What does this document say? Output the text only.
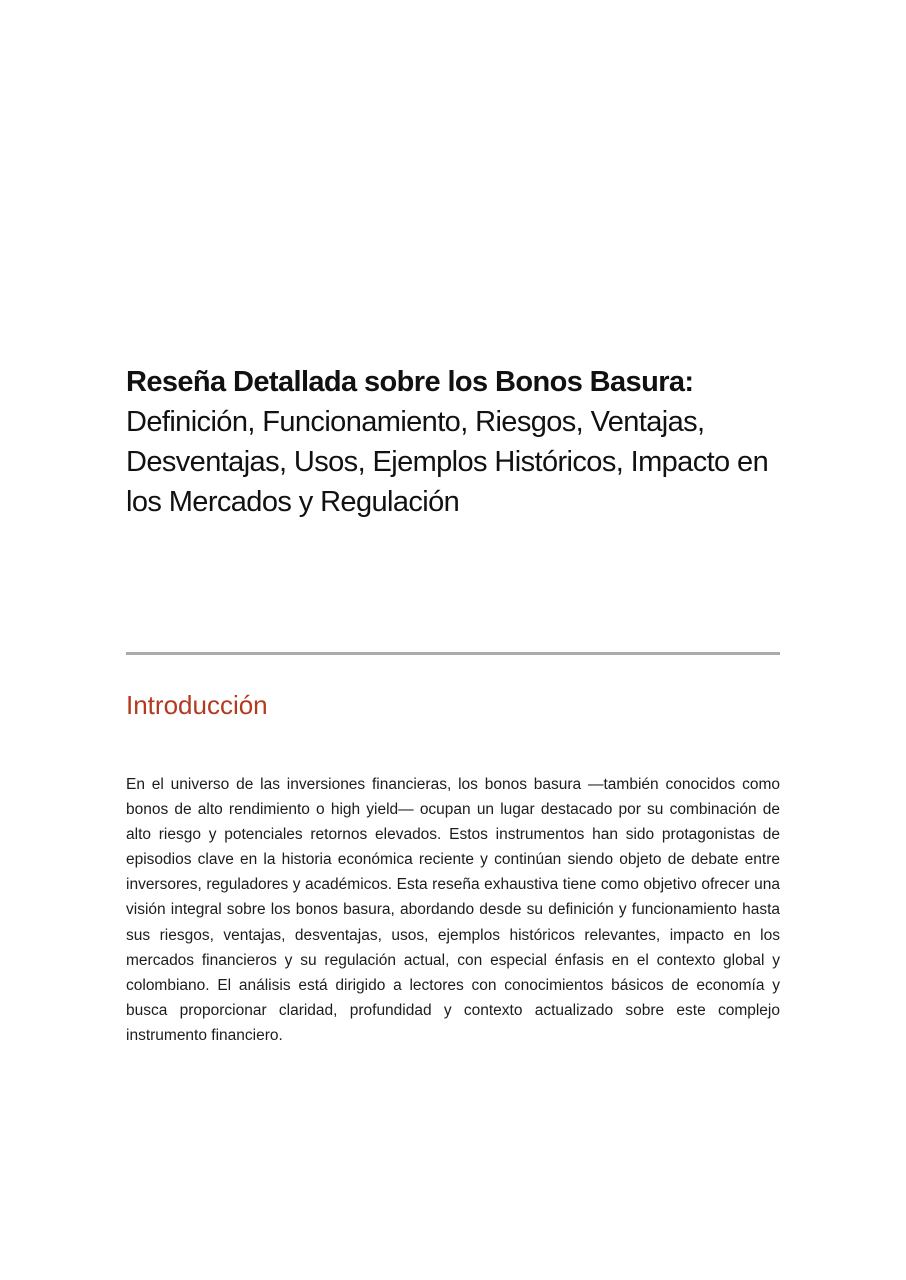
Reseña Detallada sobre los Bonos Basura:
Definición, Funcionamiento, Riesgos, Ventajas, Desventajas, Usos, Ejemplos Históricos, Impacto en los Mercados y Regulación
Introducción

En el universo de las inversiones financieras, los bonos basura —también conocidos como bonos de alto rendimiento o high yield— ocupan un lugar destacado por su combinación de alto riesgo y potenciales retornos elevados. Estos instrumentos han sido protagonistas de episodios clave en la historia económica reciente y continúan siendo objeto de debate entre inversores, reguladores y académicos. Esta reseña exhaustiva tiene como objetivo ofrecer una visión integral sobre los bonos basura, abordando desde su definición y funcionamiento hasta sus riesgos, ventajas, desventajas, usos, ejemplos históricos relevantes, impacto en los mercados financieros y su regulación actual, con especial énfasis en el contexto global y colombiano. El análisis está dirigido a lectores con conocimientos básicos de economía y busca proporcionar claridad, profundidad y contexto actualizado sobre este complejo instrumento financiero.
